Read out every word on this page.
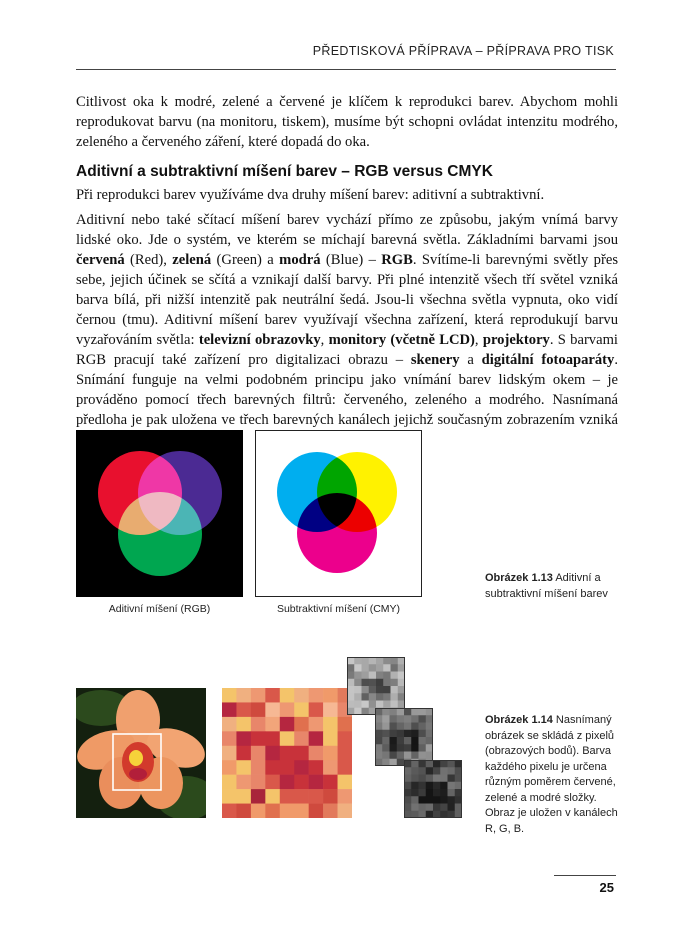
PŘEDTISKOVÁ PŘÍPRAVA – PŘÍPRAVA PRO TISK

Citlivost oka k modré, zelené a červené je klíčem k reprodukci barev. Abychom mohli reprodukovat barvu (na monitoru, tiskem), musíme být schopni ovládat intenzitu modrého, zeleného a červeného záření, které dopadá do oka.

Aditivní a subtraktivní míšení barev – RGB versus CMYK

Při reprodukci barev využíváme dva druhy míšení barev: aditivní a subtraktivní.

Aditivní nebo také sčítací míšení barev vychází přímo ze způsobu, jakým vnímá barvy lidské oko. Jde o systém, ve kterém se míchají barevná světla. Základními barvami jsou červená (Red), zelená (Green) a modrá (Blue) – RGB. Svítíme-li barevnými světly přes sebe, jejich účinek se sčítá a vznikají další barvy. Při plné intenzitě všech tří světel vzniká barva bílá, při nižší intenzitě pak neutrální šedá. Jsou-li všechna světla vypnuta, oko vidí černou (tmu). Aditivní míšení barev využívají všechna zařízení, která reprodukují barvu vyzařováním světla: televizní obrazovky, monitory (včetně LCD), projektory. S barvami RGB pracují také zařízení pro digitalizaci obrazu – skenery a digitální fotoaparáty. Snímání funguje na velmi podobném principu jako vnímání barev lidským okem – je prováděno pomocí třech barevných filtrů: červeného, zeleného a modrého. Nasnímaná předloha je pak uložena ve třech barevných kanálech jejichž současným zobrazením vzniká

Aditivní míšení (RGB)	Subtraktivní míšení (CMY)
Obrázek 1.13 Aditivní a subtraktivní míšení barev
Obrázek 1.14 Nasnímaný obrázek se skládá z pixelů (obrazových bodů). Barva každého pixelu je určena různým poměrem červené, zelené a modré složky. Obraz je uložen v kanálech R, G, B.
25
